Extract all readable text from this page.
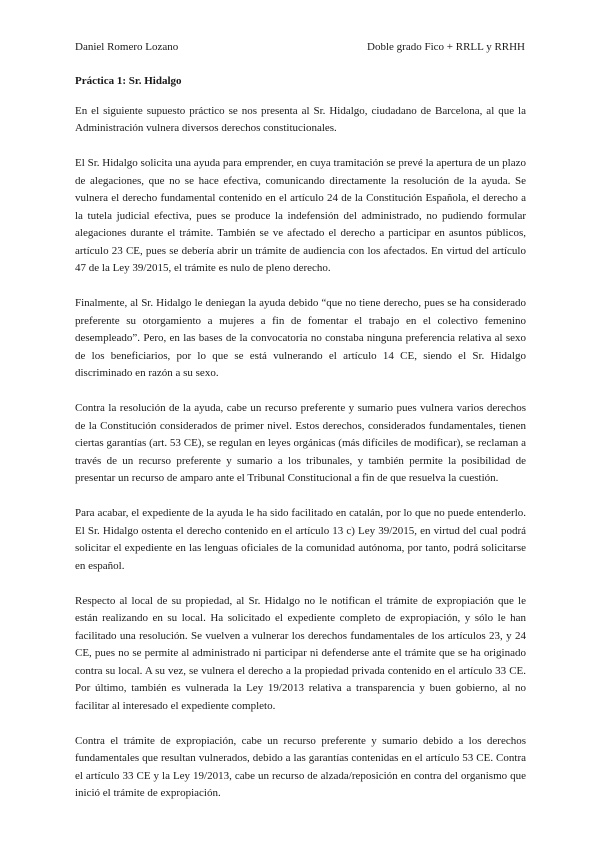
Daniel Romero Lozano	Doble grado Fico + RRLL y RRHH
Práctica 1: Sr. Hidalgo

En el siguiente supuesto práctico se nos presenta al Sr. Hidalgo, ciudadano de Barcelona, al que la Administración vulnera diversos derechos constitucionales.

El Sr. Hidalgo solicita una ayuda para emprender, en cuya tramitación se prevé la apertura de un plazo de alegaciones, que no se hace efectiva, comunicando directamente la resolución de la ayuda. Se vulnera el derecho fundamental contenido en el artículo 24 de la Constitución Española, el derecho a la tutela judicial efectiva, pues se produce la indefensión del administrado, no pudiendo formular alegaciones durante el trámite. También se ve afectado el derecho a participar en asuntos públicos, artículo 23 CE, pues se debería abrir un trámite de audiencia con los afectados. En virtud del artículo 47 de la Ley 39/2015, el trámite es nulo de pleno derecho.

Finalmente, al Sr. Hidalgo le deniegan la ayuda debido “que no tiene derecho, pues se ha considerado preferente su otorgamiento a mujeres a fin de fomentar el trabajo en el colectivo femenino desempleado”. Pero, en las bases de la convocatoria no constaba ninguna preferencia relativa al sexo de los beneficiarios, por lo que se está vulnerando el artículo 14 CE, siendo el Sr. Hidalgo discriminado en razón a su sexo.

Contra la resolución de la ayuda, cabe un recurso preferente y sumario pues vulnera varios derechos de la Constitución considerados de primer nivel. Estos derechos, considerados fundamentales, tienen ciertas garantías (art. 53 CE), se regulan en leyes orgánicas (más difíciles de modificar), se reclaman a través de un recurso preferente y sumario a los tribunales, y también permite la posibilidad de presentar un recurso de amparo ante el Tribunal Constitucional a fin de que resuelva la cuestión.

Para acabar, el expediente de la ayuda le ha sido facilitado en catalán, por lo que no puede entenderlo. El Sr. Hidalgo ostenta el derecho contenido en el artículo 13 c) Ley 39/2015, en virtud del cual podrá solicitar el expediente en las lenguas oficiales de la comunidad autónoma, por tanto, podrá solicitarse en español.

Respecto al local de su propiedad, al Sr. Hidalgo no le notifican el trámite de expropiación que le están realizando en su local. Ha solicitado el expediente completo de expropiación, y sólo le han facilitado una resolución. Se vuelven a vulnerar los derechos fundamentales de los artículos 23, y 24 CE, pues no se permite al administrado ni participar ni defenderse ante el trámite que se ha originado contra su local. A su vez, se vulnera el derecho a la propiedad privada contenido en el artículo 33 CE. Por último, también es vulnerada la Ley 19/2013 relativa a transparencia y buen gobierno, al no facilitar al interesado el expediente completo.

Contra el trámite de expropiación, cabe un recurso preferente y sumario debido a los derechos fundamentales que resultan vulnerados, debido a las garantías contenidas en el artículo 53 CE. Contra el artículo 33 CE y la Ley 19/2013, cabe un recurso de alzada/reposición en contra del organismo que inició el trámite de expropiación.
